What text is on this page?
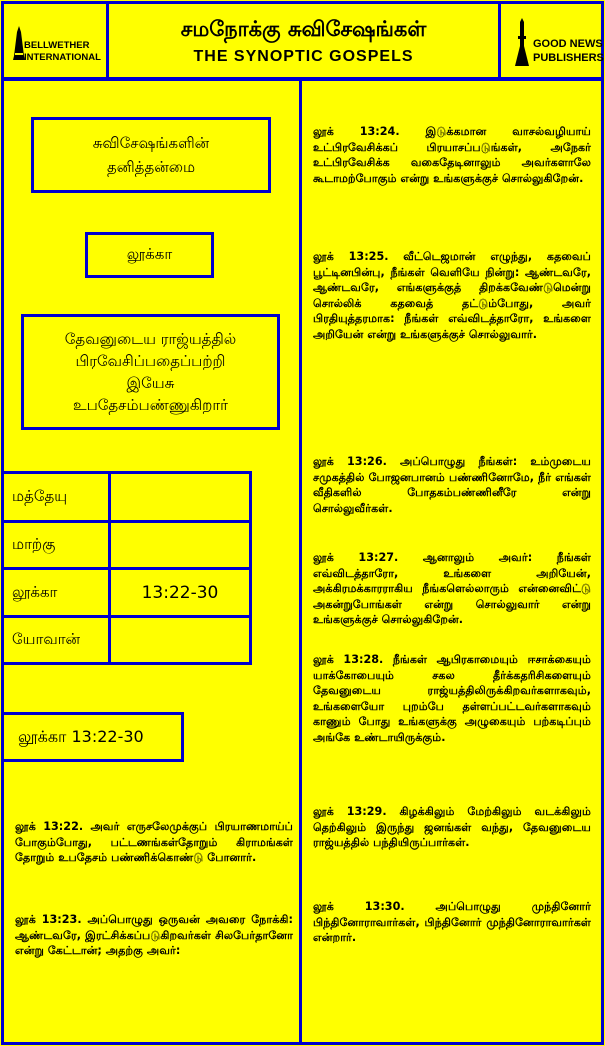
BELLWETHER
INTERNATIONAL
சமநோக்கு சுவிசேஷங்கள்
THE SYNOPTIC GOSPELS
GOOD NEWS
PUBLISHERS
சுவிசேஷங்களின்
தனித்தன்மை
லூக்கா
தேவனுடைய ராஜ்யத்தில்
பிரவேசிப்பதைப்பற்றி
இயேசு
உபதேசம்பண்ணுகிறார்
மத்தேயு
மாற்கு
லூக்கா	13:22-30
யோவான்
லூக்கா 13:22-30

லூக் 13:22. அவர் எருசலேமுக்குப் பிரயாணமாய்ப் போகும்போது, பட்டணங்கள்தோறும் கிராமங்கள் தோறும் உபதேசம் பண்ணிக்கொண்டு போனார்.

லூக் 13:23. அப்பொழுது ஒருவன் அவரை நோக்கி: ஆண்டவரே, இரட்சிக்கப்படுகிறவர்கள் சிலபேர்தானோ என்று கேட்டான்; அதற்கு அவர்:

லூக் 13:24. இடுக்கமான வாசல்வழியாய் உட்பிரவேசிக்கப் பிரயாசப்படுங்கள், அநேகர் உட்பிரவேசிக்க வகைதேடினாலும் அவர்களாலே கூடாமற்போகும் என்று உங்களுக்குச் சொல்லுகிறேன்.

லூக் 13:25. வீட்டெஜமான் எழுந்து, கதவைப் பூட்டினபின்பு, நீங்கள் வெளியே நின்று: ஆண்டவரே, ஆண்டவரே, எங்களுக்குத் திறக்கவேண்டுமென்று சொல்லிக் கதவைத் தட்டும்போது, அவர் பிரதியுத்தரமாக: நீங்கள் எவ்விடத்தாரோ, உங்களை அறியேன் என்று உங்களுக்குச் சொல்லுவார்.

லூக் 13:26. அப்பொழுது நீங்கள்: உம்முடைய சமுகத்தில் போஜனபானம் பண்ணினோமே, நீர் எங்கள் வீதிகளில் போதகம்பண்ணினீரே என்று சொல்லுவீர்கள்.

லூக் 13:27. ஆனாலும் அவர்: நீங்கள் எவ்விடத்தாரோ, உங்களை அறியேன், அக்கிரமக்காரராகிய நீங்களெல்லாரும் என்னைவிட்டு அகன்றுபோங்கள் என்று சொல்லுவார் என்று உங்களுக்குச் சொல்லுகிறேன்.

லூக் 13:28. நீங்கள் ஆபிரகாமையும் ஈசாக்கையும் யாக்கோபையும் சகல தீர்க்கதரிசிகளையும் தேவனுடைய ராஜ்யத்திலிருக்கிறவர்களாகவும், உங்களையோ புறம்பே தள்ளப்பட்டவர்களாகவும் காணும் போது உங்களுக்கு அழுகையும் பற்கடிப்பும் அங்கே உண்டாயிருக்கும்.

லூக் 13:29. கிழக்கிலும் மேற்கிலும் வடக்கிலும் தெற்கிலும் இருந்து ஜனங்கள் வந்து, தேவனுடைய ராஜ்யத்தில் பந்தியிருப்பார்கள்.

லூக் 13:30. அப்பொழுது முந்தினோர் பிந்தினோராவார்கள், பிந்தினோர் முந்தினோராவார்கள் என்றார்.
